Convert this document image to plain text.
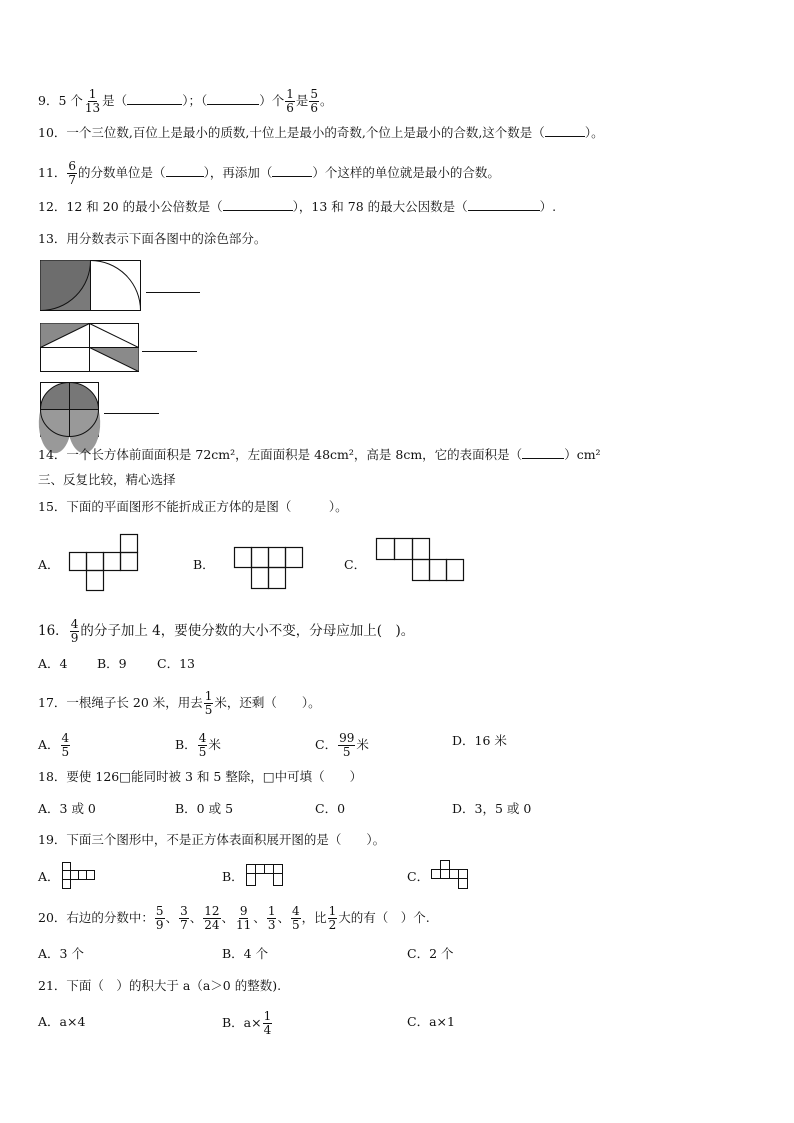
9．5 个 $\frac{1}{13}$ 是（	）；（	）个 $\frac{1}{6}$ 是 $\frac{5}{6}$ 。
10．一个三位数,百位上是最小的质数,十位上是最小的奇数,个位上是最小的合数,这个数是（	）。
11． $\frac{6}{7}$ 的分数单位是（	），再添加（	）个这样的单位就是最小的合数。
12．12 和 20 的最小公倍数是（	），13 和 78 的最大公因数是（	）.
13．用分数表示下面各图中的涂色部分。
14．一个长方体前面面积是 72cm²，左面面积是 48cm²，高是 8cm，它的表面积是（	）cm²
三、反复比较，精心选择
15．下面的平面图形不能折成正方体的是图（　　　）。
A．	B．	C．
16． $\frac{4}{9}$ 的分子加上 4，要使分数的大小不变，分母应加上(　)。
A．4 B．9 C．13
17．一根绳子长 20 米，用去 $\frac{1}{5}$ 米，还剩（　　）。
A． $\frac{4}{5}$	B． $\frac{4}{5}$ 米	C． $\frac{99}{5}$ 米	D．16 米
18．要使 126□能同时被 3 和 5 整除，□中可填（　　）
A．3 或 0	B．0 或 5	C．0	D．3，5 或 0
19．下面三个图形中，不是正方体表面积展开图的是（　　）。
A．	B．	C．
20．右边的分数中： $\frac{5}{9}$ 、 $\frac{3}{7}$ 、 $\frac{12}{24}$ 、 $\frac{9}{11}$ 、 $\frac{1}{3}$ 、 $\frac{4}{5}$ ，比 $\frac{1}{2}$ 大的有（　）个.
A．3 个	B．4 个	C．2 个
21．下面（　）的积大于 a（a＞0 的整数).
A．a×4	B．$a\times \frac{1}{4}$	C．a×1
